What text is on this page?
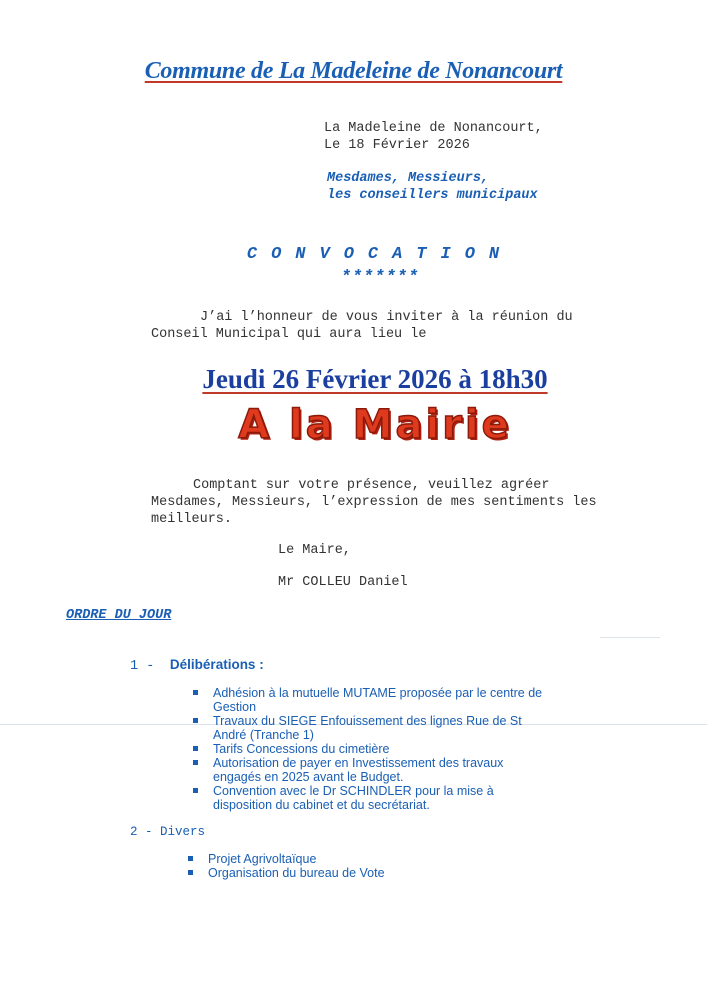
Commune de La Madeleine de Nonancourt
La Madeleine de Nonancourt,
Le 18 Février 2026
Mesdames, Messieurs,
les conseillers municipaux
CONVOCATION
*******
J’ai l’honneur de vous inviter à la réunion du
Conseil Municipal qui aura lieu le
Jeudi 26 Février 2026 à 18h30
A la Mairie
Comptant sur votre présence, veuillez agréer
Mesdames, Messieurs, l’expression de mes sentiments les
meilleurs.
Le Maire,
Mr COLLEU Daniel
ORDRE DU JOUR
1 - Délibérations :
Adhésion à la mutuelle MUTAME proposée par le centre de
Gestion
Travaux du SIEGE Enfouissement des lignes Rue de St
André (Tranche 1)
Tarifs Concessions du cimetière
Autorisation de payer en Investissement des travaux
engagés en 2025 avant le Budget.
Convention avec le Dr SCHINDLER pour la mise à
disposition du cabinet et du secrétariat.
2 - Divers
Projet Agrivoltaïque
Organisation du bureau de Vote
